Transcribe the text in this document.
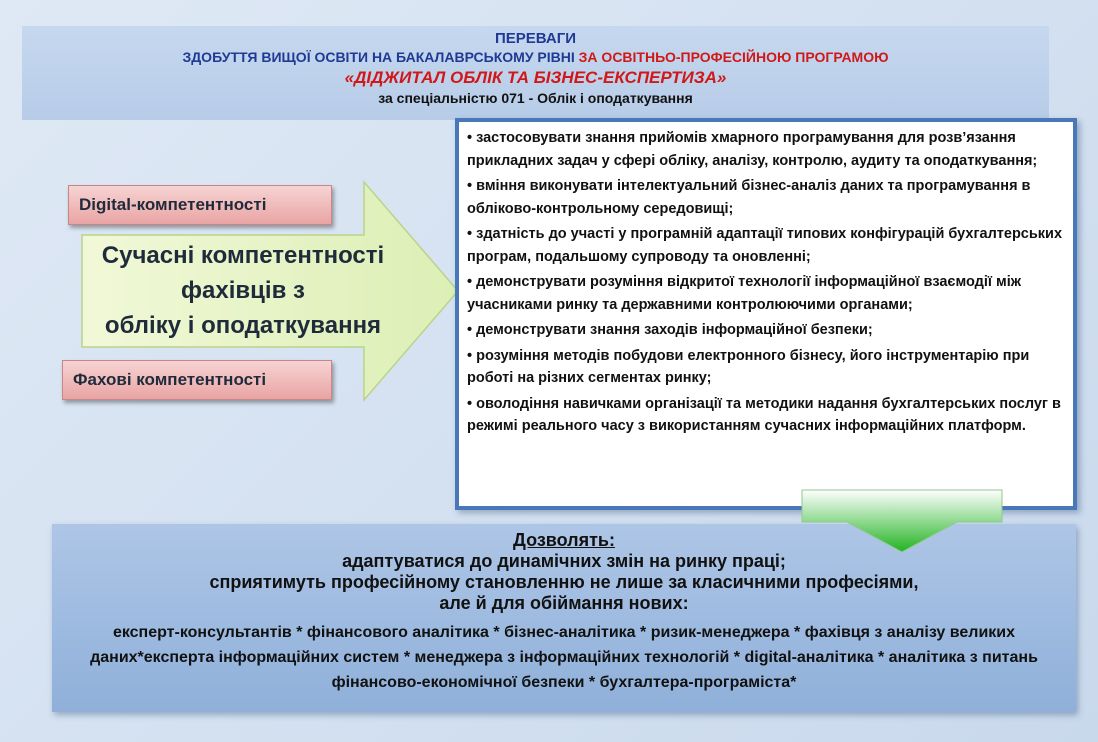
ПЕРЕВАГИ
ЗДОБУТТЯ ВИЩОЇ ОСВІТИ НА БАКАЛАВРСЬКОМУ РІВНІ ЗА ОСВІТНЬО-ПРОФЕСІЙНОЮ ПРОГРАМОЮ
«ДІДЖИТАЛ ОБЛІК ТА БІЗНЕС-ЕКСПЕРТИЗА»
за спеціальністю 071 - Облік і оподаткування
Сучасні компетентності
фахівців з
обліку і оподаткування
Digital-компетентності
Фахові компетентності
• застосовувати знання прийомів хмарного програмування для розв’язання прикладних задач у сфері обліку, аналізу, контролю, аудиту та оподаткування;
• вміння виконувати інтелектуальний бізнес-аналіз даних та програмування в обліково-контрольному середовищі;
• здатність до участі у програмній адаптації типових конфігурацій бухгалтерських програм, подальшому супроводу та оновленні;
• демонструвати розуміння відкритої технології інформаційної взаємодії між учасниками ринку та державними контролюючими органами;
• демонструвати знання заходів інформаційної безпеки;
• розуміння методів побудови електронного бізнесу, його інструментарію при роботі на різних сегментах ринку;
• оволодіння навичками організації та методики надання бухгалтерських послуг в режимі реального часу з використанням сучасних інформаційних платформ.
Дозволять:
адаптуватися до динамічних змін на ринку праці;
сприятимуть професійному становленню не лише за класичними професіями,
але й для обіймання нових:
експерт-консультантів * фінансового аналітика * бізнес-аналітика * ризик-менеджера * фахівця з аналізу великих даних*експерта інформаційних систем * менеджера з інформаційних технологій * digital-аналітика * аналітика з питань фінансово-економічної безпеки * бухгалтера-програміста*
